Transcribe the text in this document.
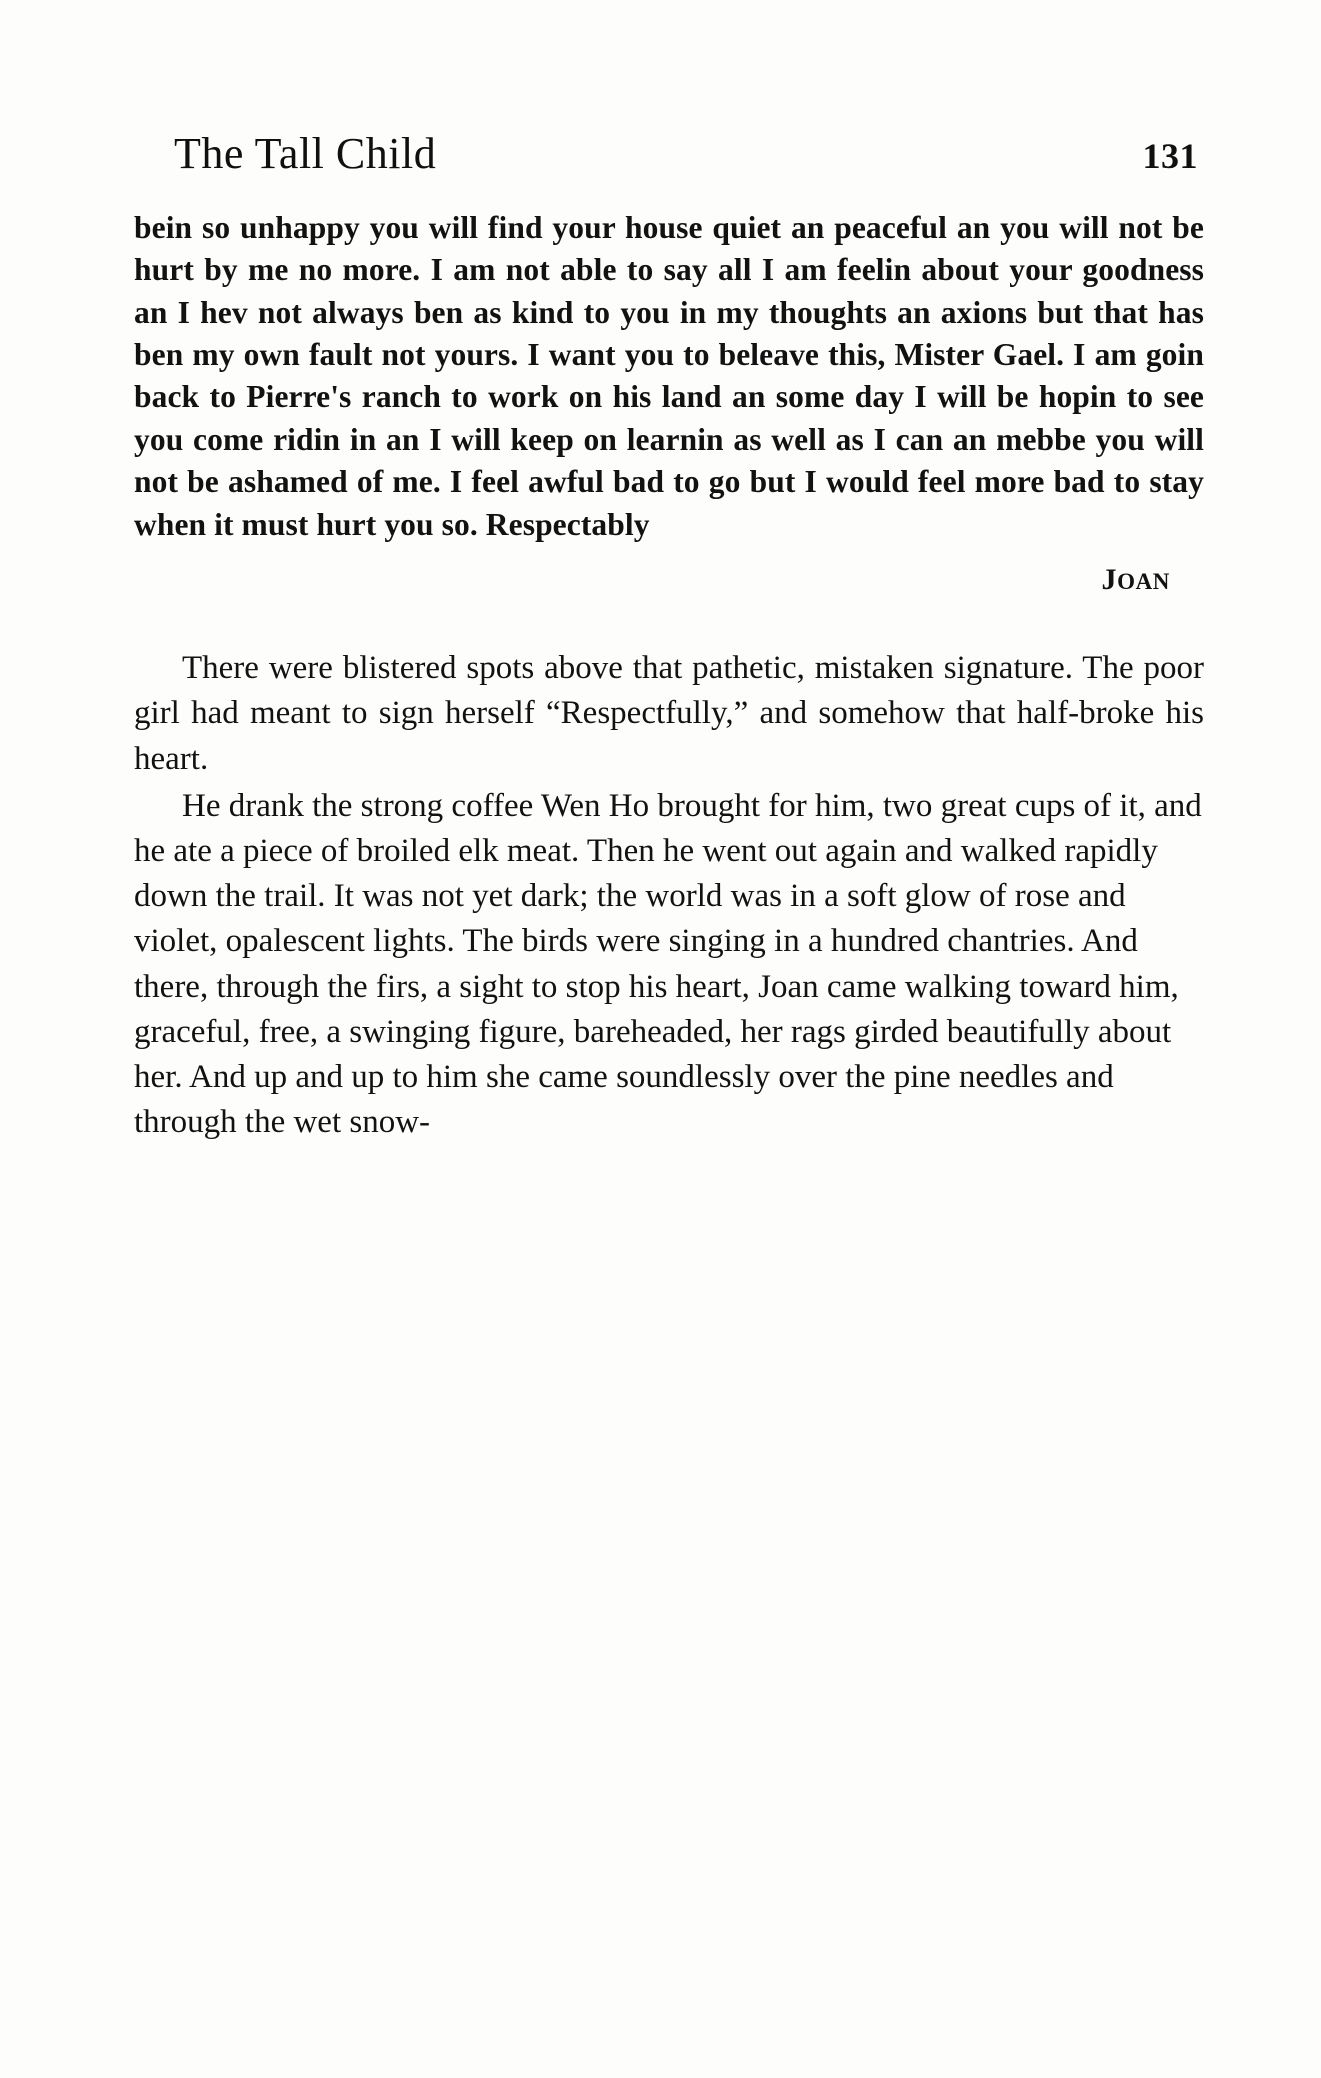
The Tall Child	131

bein so unhappy you will find your house quiet an peaceful an you will not be hurt by me no more. I am not able to say all I am feelin about your goodness an I hev not always ben as kind to you in my thoughts an axions but that has ben my own fault not yours. I want you to beleave this, Mister Gael. I am goin back to Pierre's ranch to work on his land an some day I will be hopin to see you come ridin in an I will keep on learnin as well as I can an mebbe you will not be ashamed of me. I feel awful bad to go but I would feel more bad to stay when it must hurt you so. Respectably

JOAN

There were blistered spots above that pathetic, mistaken signature. The poor girl had meant to sign herself “Respectfully,” and somehow that half-broke his heart.

He drank the strong coffee Wen Ho brought for him, two great cups of it, and he ate a piece of broiled elk meat. Then he went out again and walked rapidly down the trail. It was not yet dark; the world was in a soft glow of rose and violet, opalescent lights. The birds were singing in a hundred chantries. And there, through the firs, a sight to stop his heart, Joan came walking toward him, graceful, free, a swinging figure, bareheaded, her rags girded beautifully about her. And up and up to him she came soundlessly over the pine needles and through the wet snow-
